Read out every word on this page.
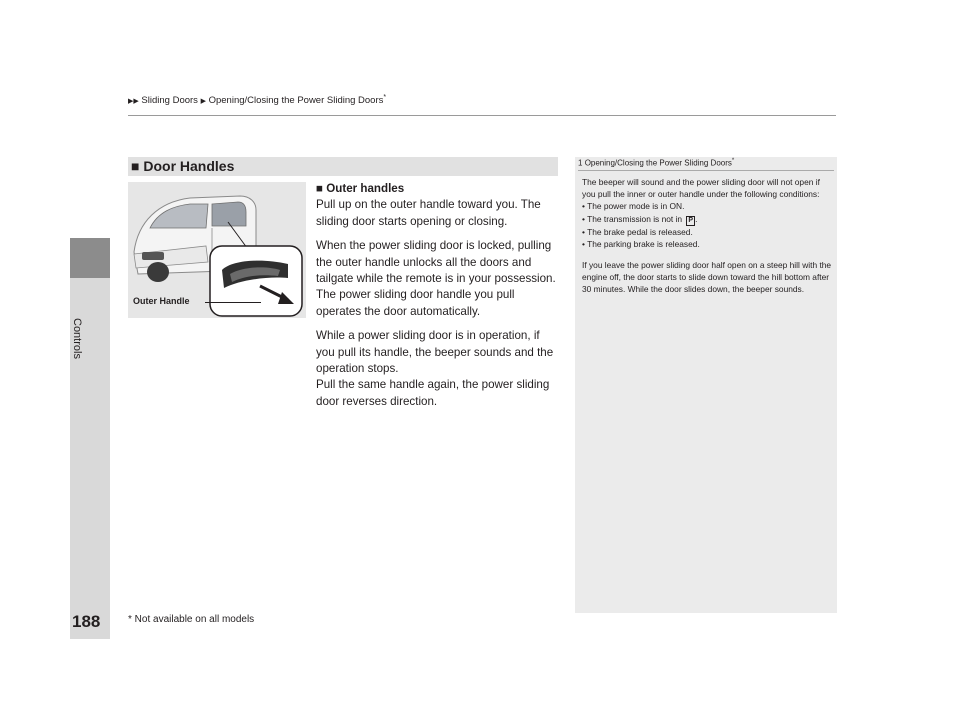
Controls
188
▶▶ Sliding Doors ▶ Opening/Closing the Power Sliding Doors*
■ Door Handles
Outer Handle

■ Outer handles

Pull up on the outer handle toward you. The sliding door starts opening or closing.

When the power sliding door is locked, pulling the outer handle unlocks all the doors and tailgate while the remote is in your possession. The power sliding door handle you pull operates the door automatically.

While a power sliding door is in operation, if you pull its handle, the beeper sounds and the operation stops.

Pull the same handle again, the power sliding door reverses direction.

1 Opening/Closing the Power Sliding Doors*

The beeper will sound and the power sliding door will not open if you pull the inner or outer handle under the following conditions:

• The power mode is in ON.
• The transmission is not in P .
• The brake pedal is released.
• The parking brake is released.

If you leave the power sliding door half open on a steep hill with the engine off, the door starts to slide down toward the hill bottom after 30 minutes. While the door slides down, the beeper sounds.

* Not available on all models
